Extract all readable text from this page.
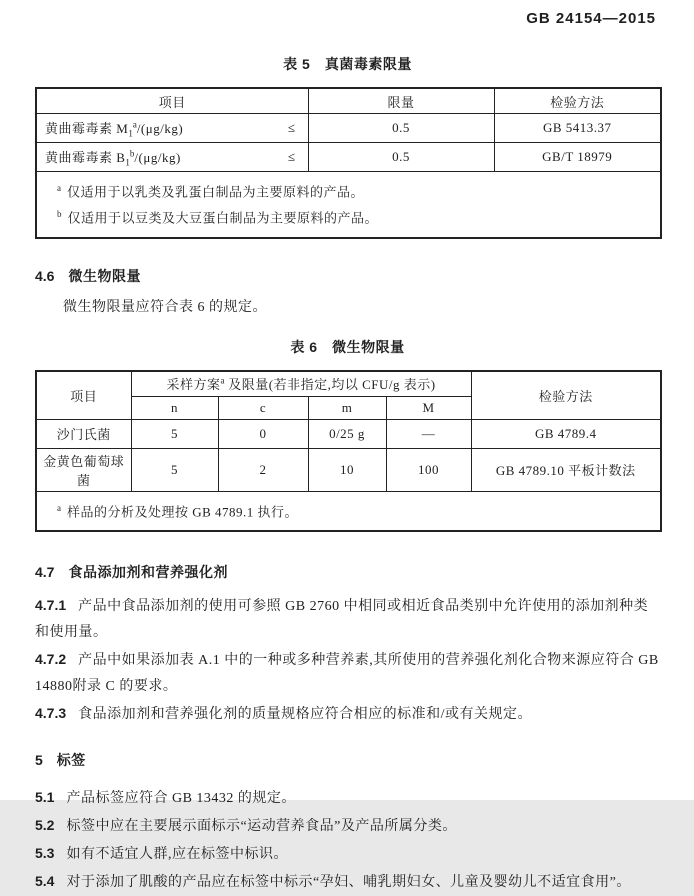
GB 24154—2015
表 5　真菌毒素限量
项目	限量	检验方法

黄曲霉毒素 $M_1^a/(\mu g/kg)$ ≤	0.5	GB 5413.37

黄曲霉毒素 $B_1^b/(\mu g/kg)$ ≤	0.5	GB/T 18979

$^a$ 仅适用于以乳类及乳蛋白制品为主要原料的产品。
$^b$ 仅适用于以豆类及大豆蛋白制品为主要原料的产品。		

4.6 微生物限量

微生物限量应符合表 6 的规定。

表 6　微生物限量
项目	采样方案$^a$ 及限量(若非指定,均以 CFU/g 表示)				检验方法
	n	c	m	M	
沙门氏菌	5	0	0/25 g	—	GB 4789.4
金黄色葡萄球菌	5	2	10	100	GB 4789.10 平板计数法

$^a$ 样品的分析及处理按 GB 4789.1 执行。					

4.7 食品添加剂和营养强化剂

4.7.1 产品中食品添加剂的使用可参照 GB 2760 中相同或相近食品类别中允许使用的添加剂种类和使用量。

4.7.2 产品中如果添加表 A.1 中的一种或多种营养素,其所使用的营养强化剂化合物来源应符合 GB 14880附录 C 的要求。

4.7.3 食品添加剂和营养强化剂的质量规格应符合相应的标准和/或有关规定。

5 标签

5.1 产品标签应符合 GB 13432 的规定。

5.2 标签中应在主要展示面标示“运动营养食品”及产品所属分类。

5.3 如有不适宜人群,应在标签中标识。

5.4 对于添加了肌酸的产品应在标签中标示“孕妇、哺乳期妇女、儿童及婴幼儿不适宜食用”。
